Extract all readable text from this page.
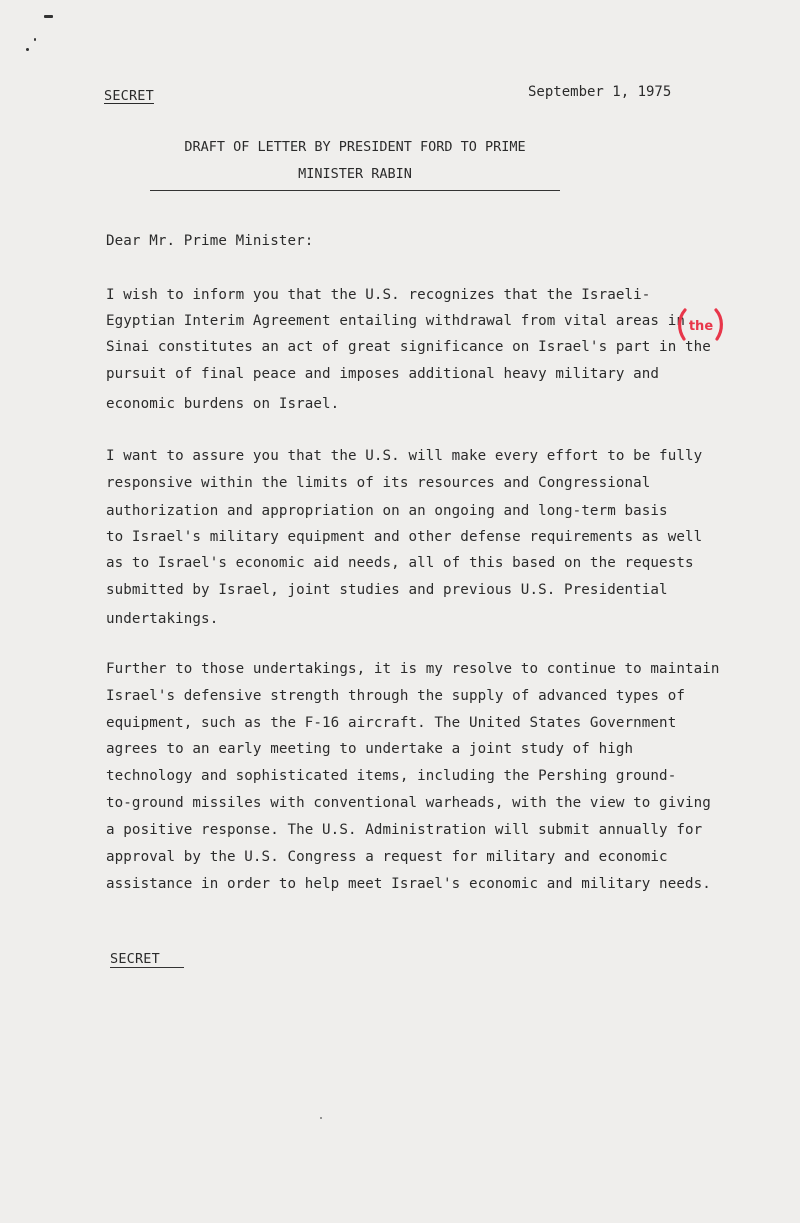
SECRET	September 1, 1975
DRAFT OF LETTER BY PRESIDENT FORD TO PRIME
MINISTER RABIN
Dear Mr. Prime Minister:
I wish to inform you that the U.S. recognizes that the Israeli-
Egyptian Interim Agreement entailing withdrawal from vital areas in
Sinai constitutes an act of great significance on Israel's part in the
pursuit of final peace and imposes additional heavy military and
economic burdens on Israel.
the
I want to assure you that the U.S. will make every effort to be fully
responsive within the limits of its resources and Congressional
authorization and appropriation on an ongoing and long-term basis
to Israel's military equipment and other defense requirements as well
as to Israel's economic aid needs, all of this based on the requests
submitted by Israel, joint studies and previous U.S. Presidential
undertakings.
Further to those undertakings, it is my resolve to continue to maintain
Israel's defensive strength through the supply of advanced types of
equipment, such as the F-16 aircraft. The United States Government
agrees to an early meeting to undertake a joint study of high
technology and sophisticated items, including the Pershing ground-
to-ground missiles with conventional warheads, with the view to giving
a positive response. The U.S. Administration will submit annually for
approval by the U.S. Congress a request for military and economic
assistance in order to help meet Israel's economic and military needs.
SECRET
